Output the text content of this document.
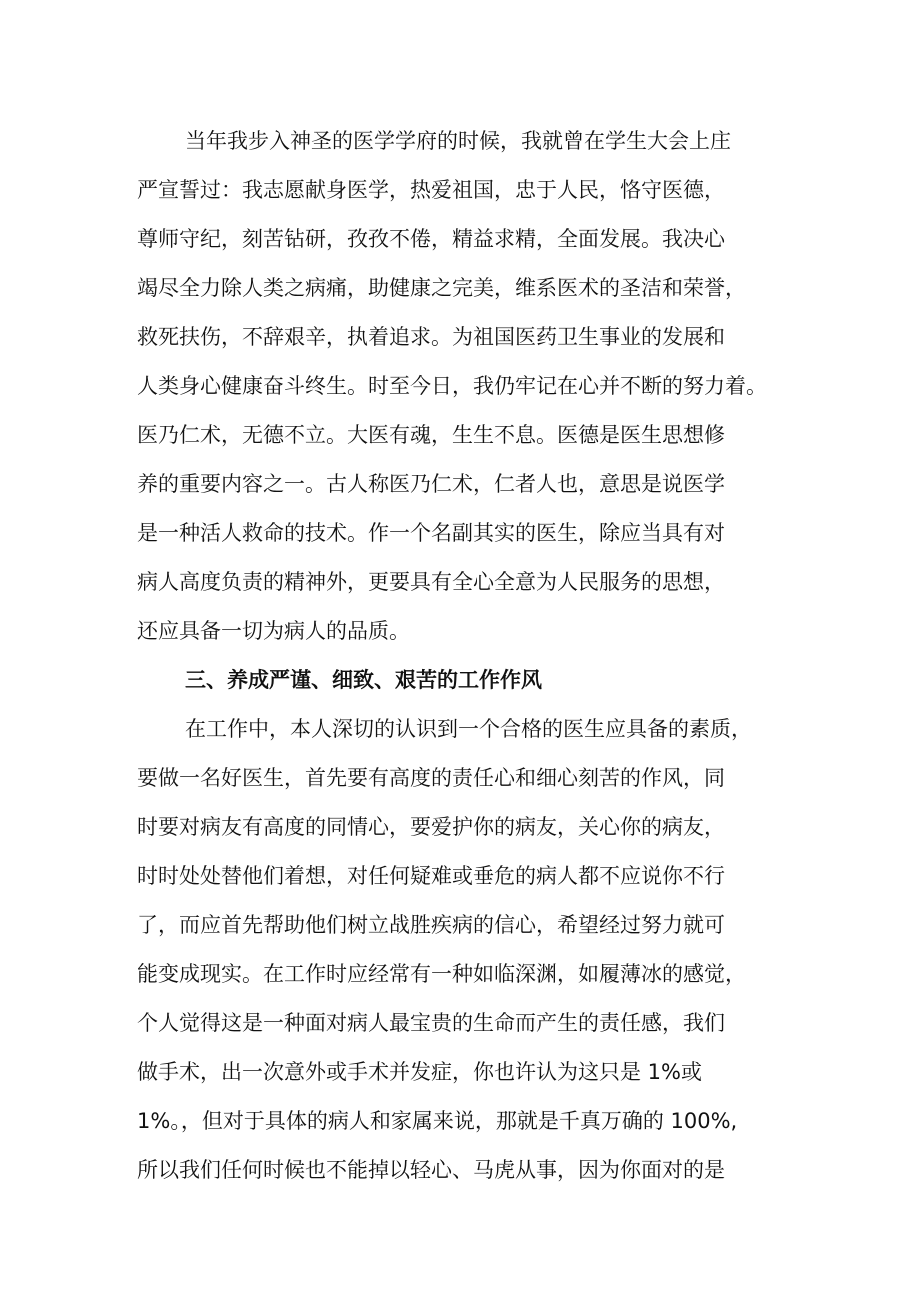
当年我步入神圣的医学学府的时候，我就曾在学生大会上庄
严宣誓过：我志愿献身医学，热爱祖国，忠于人民，恪守医德，
尊师守纪，刻苦钻研，孜孜不倦，精益求精，全面发展。我决心
竭尽全力除人类之病痛，助健康之完美，维系医术的圣洁和荣誉，
救死扶伤，不辞艰辛，执着追求。为祖国医药卫生事业的发展和
人类身心健康奋斗终生。时至今日，我仍牢记在心并不断的努力着。
医乃仁术，无德不立。大医有魂，生生不息。医德是医生思想修
养的重要内容之一。古人称医乃仁术，仁者人也，意思是说医学
是一种活人救命的技术。作一个名副其实的医生，除应当具有对
病人高度负责的精神外，更要具有全心全意为人民服务的思想，
还应具备一切为病人的品质。
三、养成严谨、细致、艰苦的工作作风
在工作中，本人深切的认识到一个合格的医生应具备的素质，
要做一名好医生，首先要有高度的责任心和细心刻苦的作风，同
时要对病友有高度的同情心，要爱护你的病友，关心你的病友，
时时处处替他们着想，对任何疑难或垂危的病人都不应说你不行
了，而应首先帮助他们树立战胜疾病的信心，希望经过努力就可
能变成现实。在工作时应经常有一种如临深渊，如履薄冰的感觉，
个人觉得这是一种面对病人最宝贵的生命而产生的责任感，我们
做手术，出一次意外或手术并发症，你也许认为这只是 1%或
1%。，但对于具体的病人和家属来说，那就是千真万确的 100%,
所以我们任何时候也不能掉以轻心、马虎从事，因为你面对的是
